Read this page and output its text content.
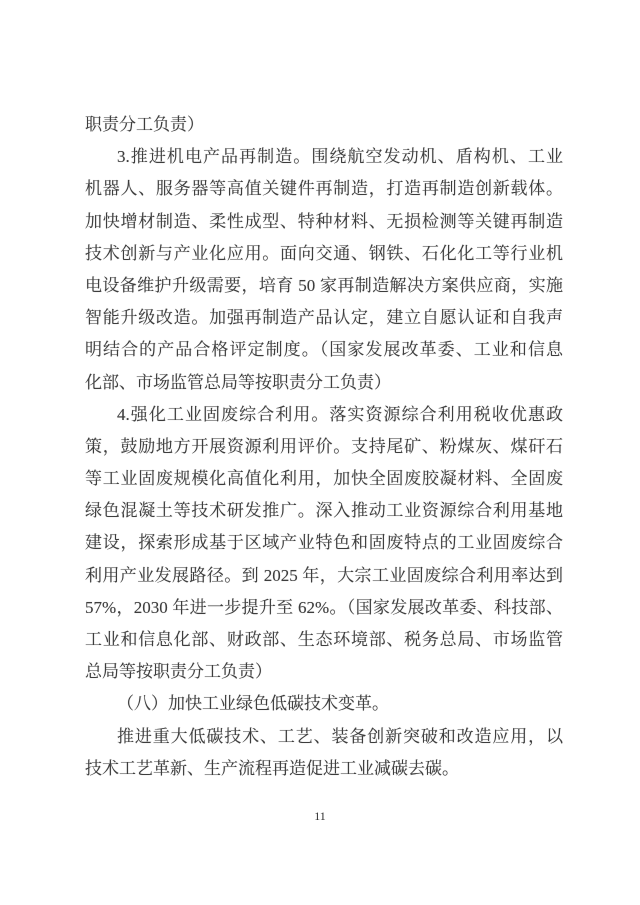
职责分工负责）
3.推进机电产品再制造。围绕航空发动机、盾构机、工业
机器人、服务器等高值关键件再制造，打造再制造创新载体。
加快增材制造、柔性成型、特种材料、无损检测等关键再制造
技术创新与产业化应用。面向交通、钢铁、石化化工等行业机
电设备维护升级需要，培育 50 家再制造解决方案供应商，实施
智能升级改造。加强再制造产品认定，建立自愿认证和自我声
明结合的产品合格评定制度。（国家发展改革委、工业和信息
化部、市场监管总局等按职责分工负责）
4.强化工业固废综合利用。落实资源综合利用税收优惠政
策，鼓励地方开展资源利用评价。支持尾矿、粉煤灰、煤矸石
等工业固废规模化高值化利用，加快全固废胶凝材料、全固废
绿色混凝土等技术研发推广。深入推动工业资源综合利用基地
建设，探索形成基于区域产业特色和固废特点的工业固废综合
利用产业发展路径。到 2025 年，大宗工业固废综合利用率达到
57%，2030 年进一步提升至 62%。（国家发展改革委、科技部、
工业和信息化部、财政部、生态环境部、税务总局、市场监管
总局等按职责分工负责）
（八）加快工业绿色低碳技术变革。
推进重大低碳技术、工艺、装备创新突破和改造应用，以
技术工艺革新、生产流程再造促进工业减碳去碳。
11
